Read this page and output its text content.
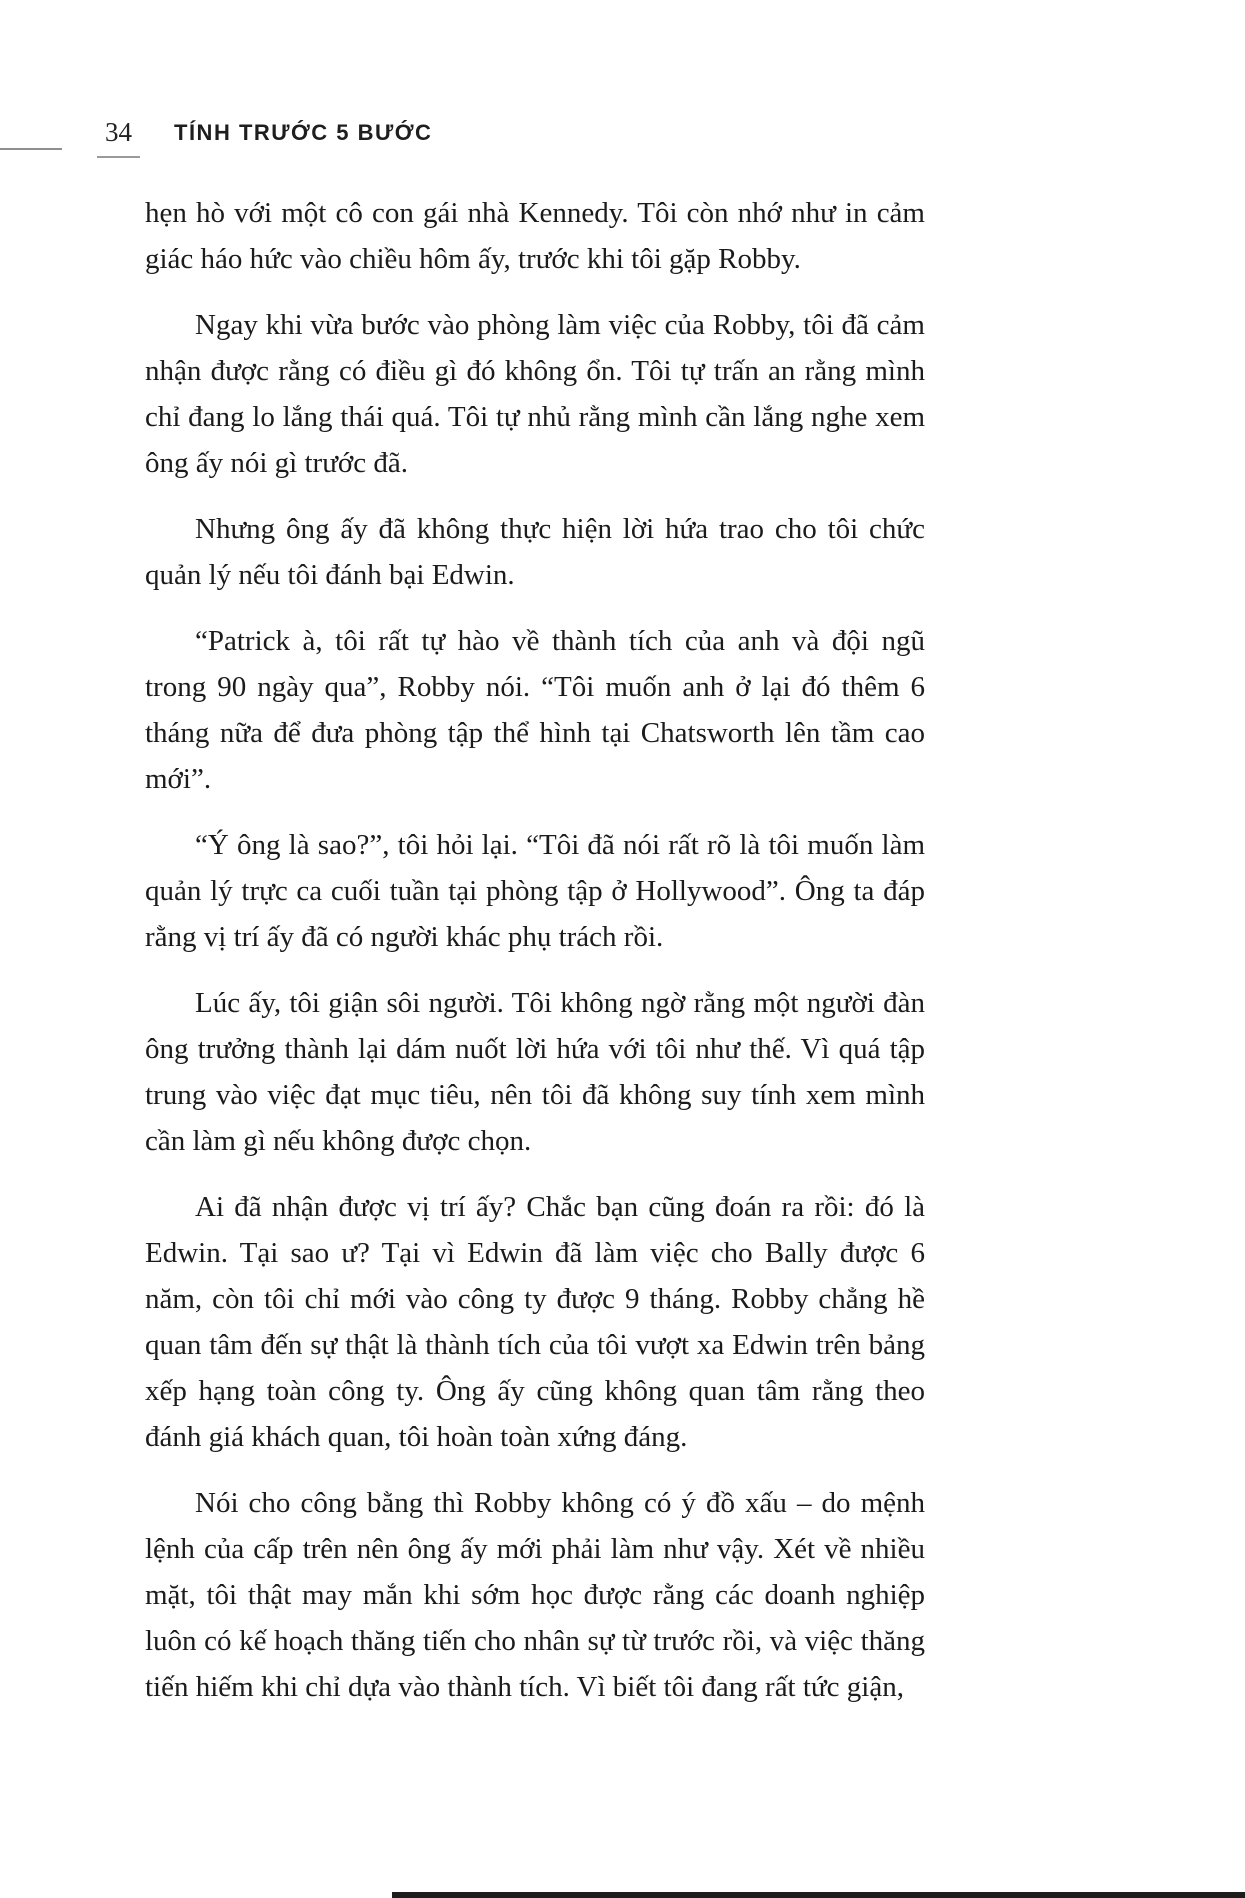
34	TÍNH TRƯỚC 5 BƯỚC

hẹn hò với một cô con gái nhà Kennedy. Tôi còn nhớ như in cảm giác háo hức vào chiều hôm ấy, trước khi tôi gặp Robby.

Ngay khi vừa bước vào phòng làm việc của Robby, tôi đã cảm nhận được rằng có điều gì đó không ổn. Tôi tự trấn an rằng mình chỉ đang lo lắng thái quá. Tôi tự nhủ rằng mình cần lắng nghe xem ông ấy nói gì trước đã.

Nhưng ông ấy đã không thực hiện lời hứa trao cho tôi chức quản lý nếu tôi đánh bại Edwin.

“Patrick à, tôi rất tự hào về thành tích của anh và đội ngũ trong 90 ngày qua”, Robby nói. “Tôi muốn anh ở lại đó thêm 6 tháng nữa để đưa phòng tập thể hình tại Chatsworth lên tầm cao mới”.

“Ý ông là sao?”, tôi hỏi lại. “Tôi đã nói rất rõ là tôi muốn làm quản lý trực ca cuối tuần tại phòng tập ở Hollywood”. Ông ta đáp rằng vị trí ấy đã có người khác phụ trách rồi.

Lúc ấy, tôi giận sôi người. Tôi không ngờ rằng một người đàn ông trưởng thành lại dám nuốt lời hứa với tôi như thế. Vì quá tập trung vào việc đạt mục tiêu, nên tôi đã không suy tính xem mình cần làm gì nếu không được chọn.

Ai đã nhận được vị trí ấy? Chắc bạn cũng đoán ra rồi: đó là Edwin. Tại sao ư? Tại vì Edwin đã làm việc cho Bally được 6 năm, còn tôi chỉ mới vào công ty được 9 tháng. Robby chẳng hề quan tâm đến sự thật là thành tích của tôi vượt xa Edwin trên bảng xếp hạng toàn công ty. Ông ấy cũng không quan tâm rằng theo đánh giá khách quan, tôi hoàn toàn xứng đáng.

Nói cho công bằng thì Robby không có ý đồ xấu – do mệnh lệnh của cấp trên nên ông ấy mới phải làm như vậy. Xét về nhiều mặt, tôi thật may mắn khi sớm học được rằng các doanh nghiệp luôn có kế hoạch thăng tiến cho nhân sự từ trước rồi, và việc thăng tiến hiếm khi chỉ dựa vào thành tích. Vì biết tôi đang rất tức giận,
